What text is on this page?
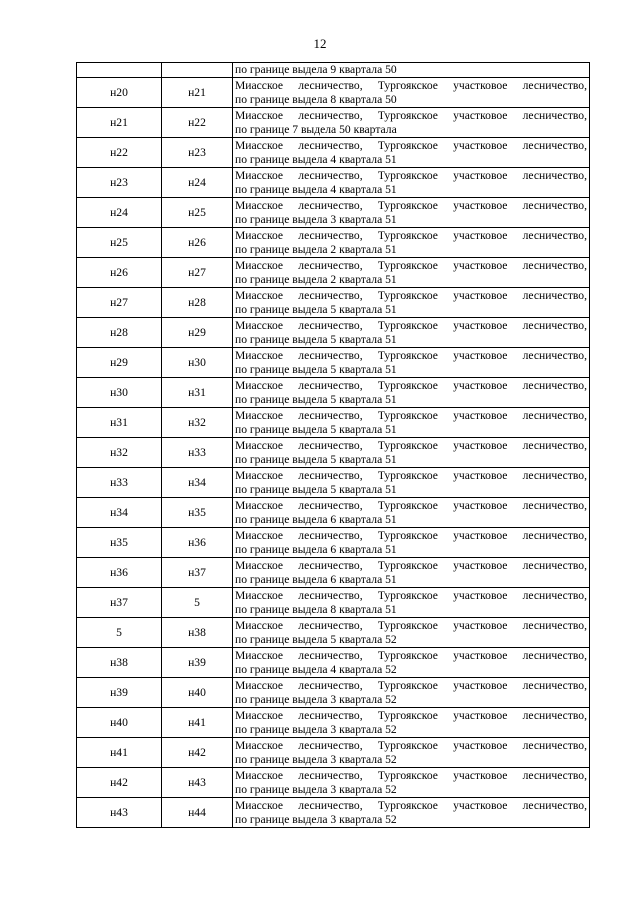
12
		по границе выдела 9 квартала 50
н20	н21	Миасское лесничество, Тургоякское участковое лесничество,
по границе выдела 8 квартала 50

н21	н22	Миасское лесничество, Тургоякское участковое лесничество,
по границе 7 выдела 50 квартала

н22	н23	Миасское лесничество, Тургоякское участковое лесничество,
по границе выдела 4 квартала 51

н23	н24	Миасское лесничество, Тургоякское участковое лесничество,
по границе выдела 4 квартала 51

н24	н25	Миасское лесничество, Тургоякское участковое лесничество,
по границе выдела 3 квартала 51

н25	н26	Миасское лесничество, Тургоякское участковое лесничество,
по границе выдела 2 квартала 51

н26	н27	Миасское лесничество, Тургоякское участковое лесничество,
по границе выдела 2 квартала 51

н27	н28	Миасское лесничество, Тургоякское участковое лесничество,
по границе выдела 5 квартала 51

н28	н29	Миасское лесничество, Тургоякское участковое лесничество,
по границе выдела 5 квартала 51

н29	н30	Миасское лесничество, Тургоякское участковое лесничество,
по границе выдела 5 квартала 51

н30	н31	Миасское лесничество, Тургоякское участковое лесничество,
по границе выдела 5 квартала 51

н31	н32	Миасское лесничество, Тургоякское участковое лесничество,
по границе выдела 5 квартала 51

н32	н33	Миасское лесничество, Тургоякское участковое лесничество,
по границе выдела 5 квартала 51

н33	н34	Миасское лесничество, Тургоякское участковое лесничество,
по границе выдела 5 квартала 51

н34	н35	Миасское лесничество, Тургоякское участковое лесничество,
по границе выдела 6 квартала 51

н35	н36	Миасское лесничество, Тургоякское участковое лесничество,
по границе выдела 6 квартала 51

н36	н37	Миасское лесничество, Тургоякское участковое лесничество,
по границе выдела 6 квартала 51

н37	5	Миасское лесничество, Тургоякское участковое лесничество,
по границе выдела 8 квартала 51

5	н38	Миасское лесничество, Тургоякское участковое лесничество,
по границе выдела 5 квартала 52

н38	н39	Миасское лесничество, Тургоякское участковое лесничество,
по границе выдела 4 квартала 52

н39	н40	Миасское лесничество, Тургоякское участковое лесничество,
по границе выдела 3 квартала 52

н40	н41	Миасское лесничество, Тургоякское участковое лесничество,
по границе выдела 3 квартала 52

н41	н42	Миасское лесничество, Тургоякское участковое лесничество,
по границе выдела 3 квартала 52

н42	н43	Миасское лесничество, Тургоякское участковое лесничество,
по границе выдела 3 квартала 52

н43	н44	Миасское лесничество, Тургоякское участковое лесничество,
по границе выдела 3 квартала 52
